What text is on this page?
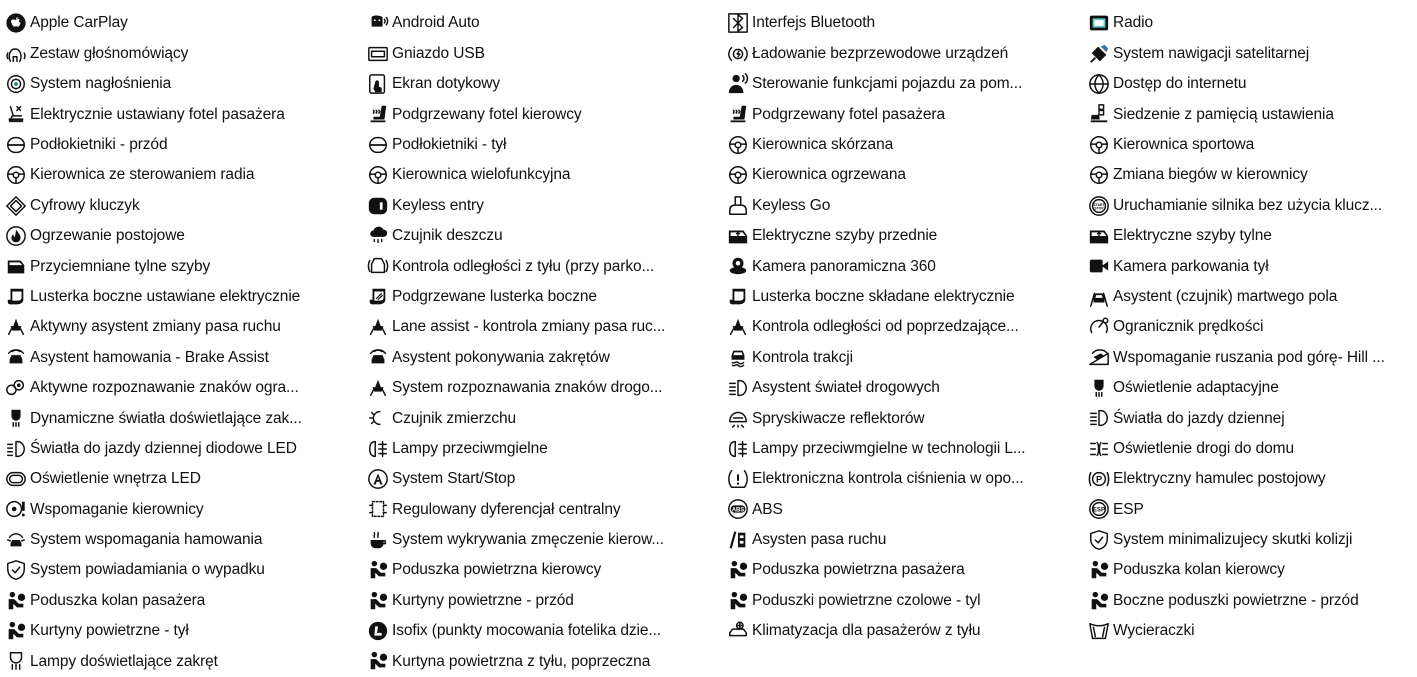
Apple CarPlay
Zestaw głośnomówiący
System nagłośnienia
Elektrycznie ustawiany fotel pasażera
Podłokietniki - przód
Kierownica ze sterowaniem radia
Cyfrowy kluczyk
Ogrzewanie postojowe
Przyciemniane tylne szyby
Lusterka boczne ustawiane elektrycznie
Aktywny asystent zmiany pasa ruchu
Asystent hamowania - Brake Assist
Aktywne rozpoznawanie znaków ogra...
Dynamiczne światła doświetlające zak...
Światła do jazdy dziennej diodowe LED
Oświetlenie wnętrza LED
Wspomaganie kierownicy
System wspomagania hamowania
System powiadamiania o wypadku
Poduszka kolan pasażera
Kurtyny powietrzne - tył
Lampy doświetlające zakręt
Android Auto
Gniazdo USB
Ekran dotykowy
Podgrzewany fotel kierowcy
Podłokietniki - tył
Kierownica wielofunkcyjna
Keyless entry
Czujnik deszczu
Kontrola odległości z tyłu (przy parko...
Podgrzewane lusterka boczne
Lane assist - kontrola zmiany pasa ruc...
Asystent pokonywania zakrętów
System rozpoznawania znaków drogo...
Czujnik zmierzchu
Lampy przeciwmgielne
System Start/Stop
Regulowany dyferencjał centralny
System wykrywania zmęczenie kierow...
Poduszka powietrzna kierowcy
Kurtyny powietrzne - przód
Isofix (punkty mocowania fotelika dzie...
Kurtyna powietrzna z tyłu, poprzeczna
Interfejs Bluetooth
Ładowanie bezprzewodowe urządzeń
Sterowanie funkcjami pojazdu za pom...
Podgrzewany fotel pasażera
Kierownica skórzana
Kierownica ogrzewana
Keyless Go
Elektryczne szyby przednie
Kamera panoramiczna 360
Lusterka boczne składane elektrycznie
Kontrola odległości od poprzedzające...
Kontrola trakcji
Asystent świateł drogowych
Spryskiwacze reflektorów
Lampy przeciwmgielne w technologii L...
Elektroniczna kontrola ciśnienia w opo...
ABS ABS
Asysten pasa ruchu
Poduszka powietrzna pasażera
Poduszki powietrzne czolowe - tyl
Klimatyzacja dla pasażerów z tyłu
Radio
System nawigacji satelitarnej
Dostęp do internetu
Siedzenie z pamięcią ustawienia
Kierownica sportowa
Zmiana biegów w kierownicy
START
STOP Uruchamianie silnika bez użycia klucz...
Elektryczne szyby tylne
Kamera parkowania tył
Asystent (czujnik) martwego pola
Ogranicznik prędkości
Wspomaganie ruszania pod górę- Hill ...
Oświetlenie adaptacyjne
Światła do jazdy dziennej
Oświetlenie drogi do domu
P Elektryczny hamulec postojowy
ESP ESP
System minimalizujecy skutki kolizji
Poduszka kolan kierowcy
Boczne poduszki powietrzne - przód
Wycieraczki
